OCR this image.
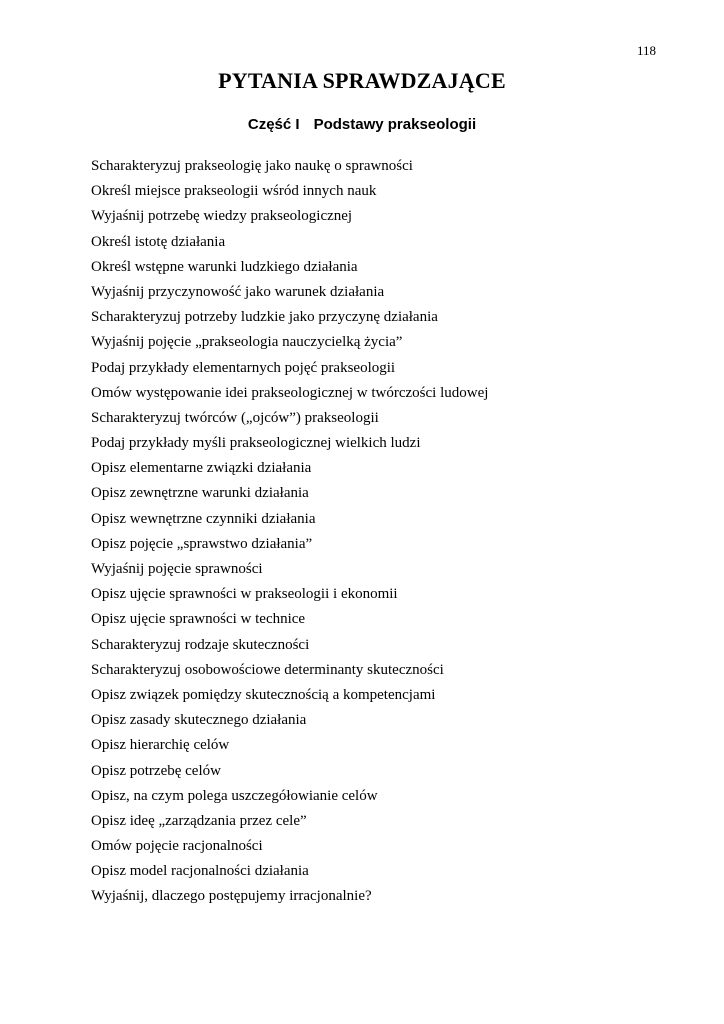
118
PYTANIA SPRAWDZAJĄCE
Część I Podstawy prakseologii
Scharakteryzuj prakseologię jako naukę o sprawności
Określ miejsce prakseologii wśród innych nauk
Wyjaśnij potrzebę wiedzy prakseologicznej
Określ istotę działania
Określ wstępne warunki ludzkiego działania
Wyjaśnij przyczynowość jako warunek działania
Scharakteryzuj potrzeby ludzkie jako przyczynę działania
Wyjaśnij pojęcie „prakseologia nauczycielką życia”
Podaj przykłady elementarnych pojęć prakseologii
Omów występowanie idei prakseologicznej w twórczości ludowej
Scharakteryzuj twórców („ojców”) prakseologii
Podaj przykłady myśli prakseologicznej wielkich ludzi
Opisz elementarne związki działania
Opisz zewnętrzne warunki działania
Opisz wewnętrzne czynniki działania
Opisz pojęcie „sprawstwo działania”
Wyjaśnij pojęcie sprawności
Opisz ujęcie sprawności w prakseologii i ekonomii
Opisz ujęcie sprawności w technice
Scharakteryzuj rodzaje skuteczności
Scharakteryzuj osobowościowe determinanty skuteczności
Opisz związek pomiędzy skutecznością a kompetencjami
Opisz zasady skutecznego działania
Opisz hierarchię celów
Opisz potrzebę celów
Opisz, na czym polega uszczegółowianie celów
Opisz ideę „zarządzania przez cele”
Omów pojęcie racjonalności
Opisz model racjonalności działania
Wyjaśnij, dlaczego postępujemy irracjonalnie?
